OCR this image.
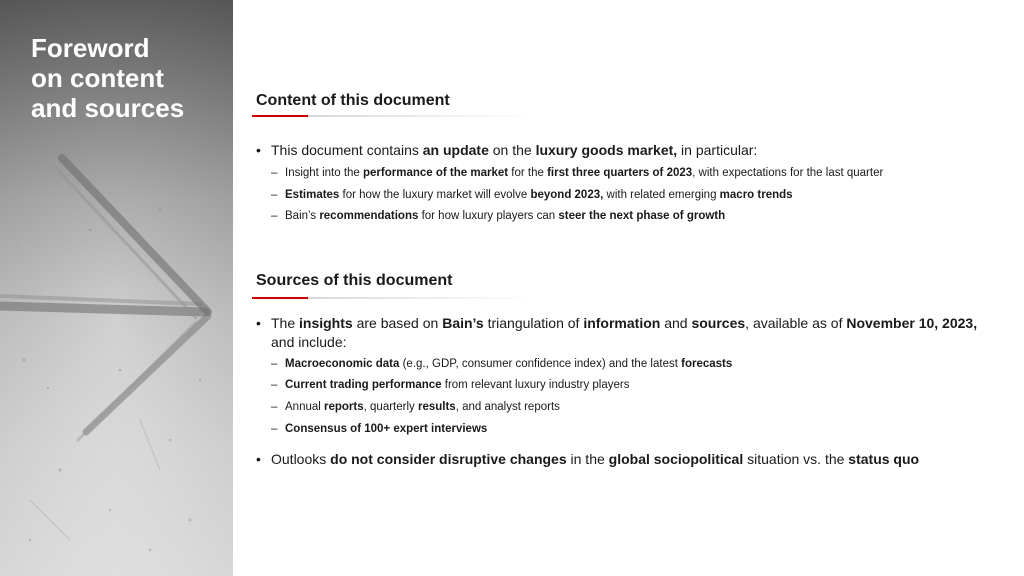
Foreword
on content
and sources	Content of this document
• This document contains an update on the luxury goods market, in particular:
– Insight into the performance of the market for the first three quarters of 2023, with expectations for the last quarter
– Estimates for how the luxury market will evolve beyond 2023, with related emerging macro trends
– Bain’s recommendations for how luxury players can steer the next phase of growth
Sources of this document
• The insights are based on Bain’s triangulation of information and sources, available as of November 10, 2023, and include:
– Macroeconomic data (e.g., GDP, consumer confidence index) and the latest forecasts
– Current trading performance from relevant luxury industry players
– Annual reports, quarterly results, and analyst reports
– Consensus of 100+ expert interviews
• Outlooks do not consider disruptive changes in the global sociopolitical situation vs. the status quo
